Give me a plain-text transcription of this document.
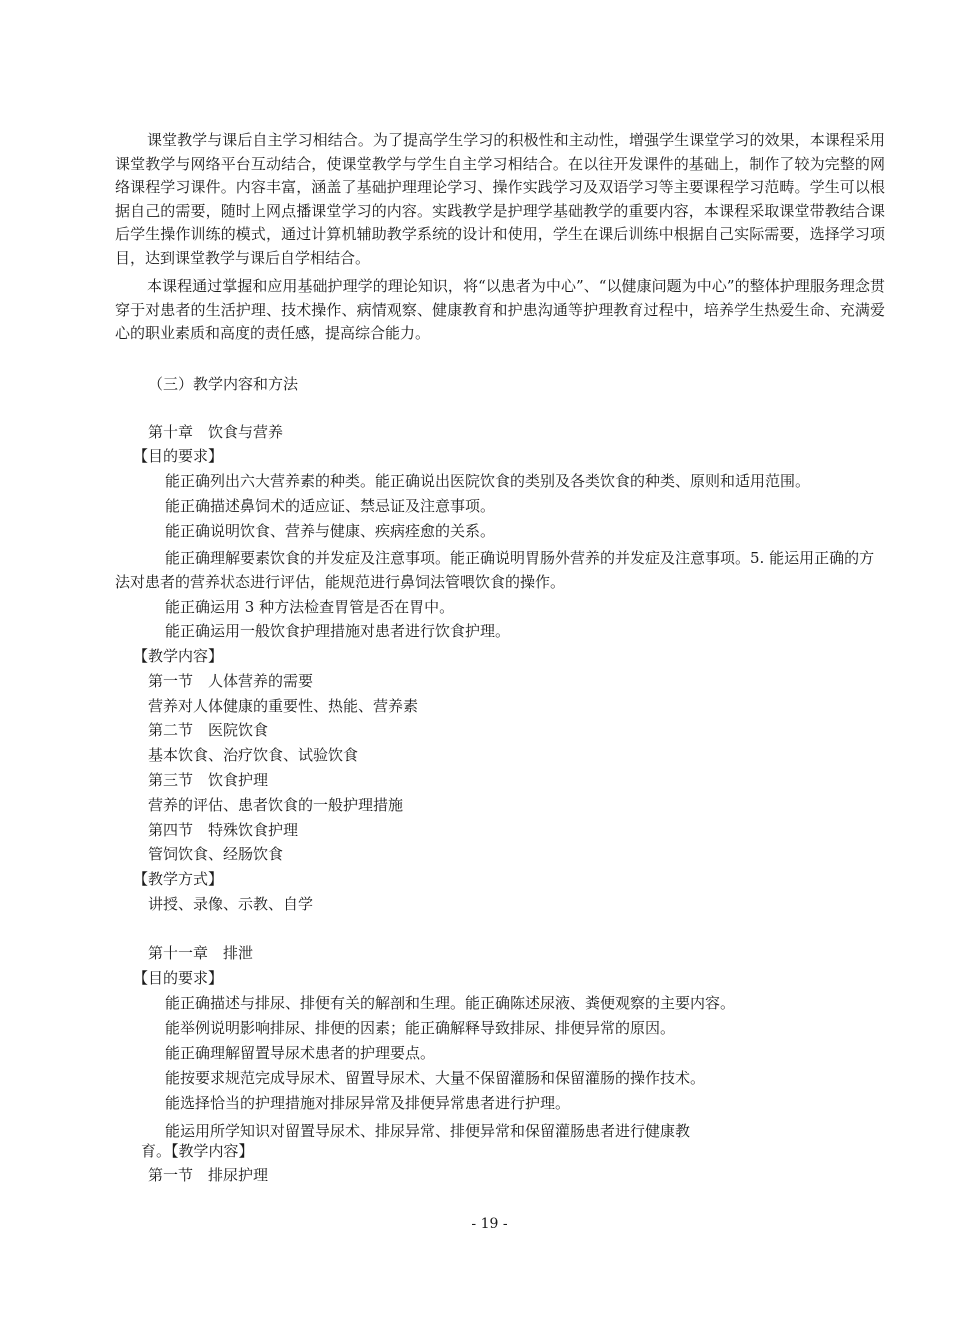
课堂教学与课后自主学习相结合。为了提高学生学习的积极性和主动性，增强学生课堂学习的效果，本课程采用课堂教学与网络平台互动结合，使课堂教学与学生自主学习相结合。在以往开发课件的基础上，制作了较为完整的网络课程学习课件。内容丰富，涵盖了基础护理理论学习、操作实践学习及双语学习等主要课程学习范畴。学生可以根据自己的需要，随时上网点播课堂学习的内容。实践教学是护理学基础教学的重要内容，本课程采取课堂带教结合课后学生操作训练的模式，通过计算机辅助教学系统的设计和使用，学生在课后训练中根据自己实际需要，选择学习项目，达到课堂教学与课后自学相结合。
本课程通过掌握和应用基础护理学的理论知识，将“以患者为中心”、“以健康问题为中心”的整体护理服务理念贯穿于对患者的生活护理、技术操作、病情观察、健康教育和护患沟通等护理教育过程中，培养学生热爱生命、充满爱心的职业素质和高度的责任感，提高综合能力。
（三）教学内容和方法
第十章　饮食与营养
【目的要求】
能正确列出六大营养素的种类。能正确说出医院饮食的类别及各类饮食的种类、原则和适用范围。
能正确描述鼻饲术的适应证、禁忌证及注意事项。
能正确说明饮食、营养与健康、疾病痊愈的关系。
能正确理解要素饮食的并发症及注意事项。能正确说明胃肠外营养的并发症及注意事项。5. 能运用正确的方法对患者的营养状态进行评估，能规范进行鼻饲法管喂饮食的操作。
能正确运用 3 种方法检查胃管是否在胃中。
能正确运用一般饮食护理措施对患者进行饮食护理。
【教学内容】
第一节　人体营养的需要
营养对人体健康的重要性、热能、营养素
第二节　医院饮食
基本饮食、治疗饮食、试验饮食
第三节　饮食护理
营养的评估、患者饮食的一般护理措施
第四节　特殊饮食护理
管饲饮食、经肠饮食
【教学方式】
讲授、录像、示教、自学
第十一章　排泄
【目的要求】
能正确描述与排尿、排便有关的解剖和生理。能正确陈述尿液、粪便观察的主要内容。
能举例说明影响排尿、排便的因素；能正确解释导致排尿、排便异常的原因。
能正确理解留置导尿术患者的护理要点。
能按要求规范完成导尿术、留置导尿术、大量不保留灌肠和保留灌肠的操作技术。
能选择恰当的护理措施对排尿异常及排便异常患者进行护理。
能运用所学知识对留置导尿术、排尿异常、排便异常和保留灌肠患者进行健康教
育。【教学内容】
第一节　排尿护理
- 19 -
